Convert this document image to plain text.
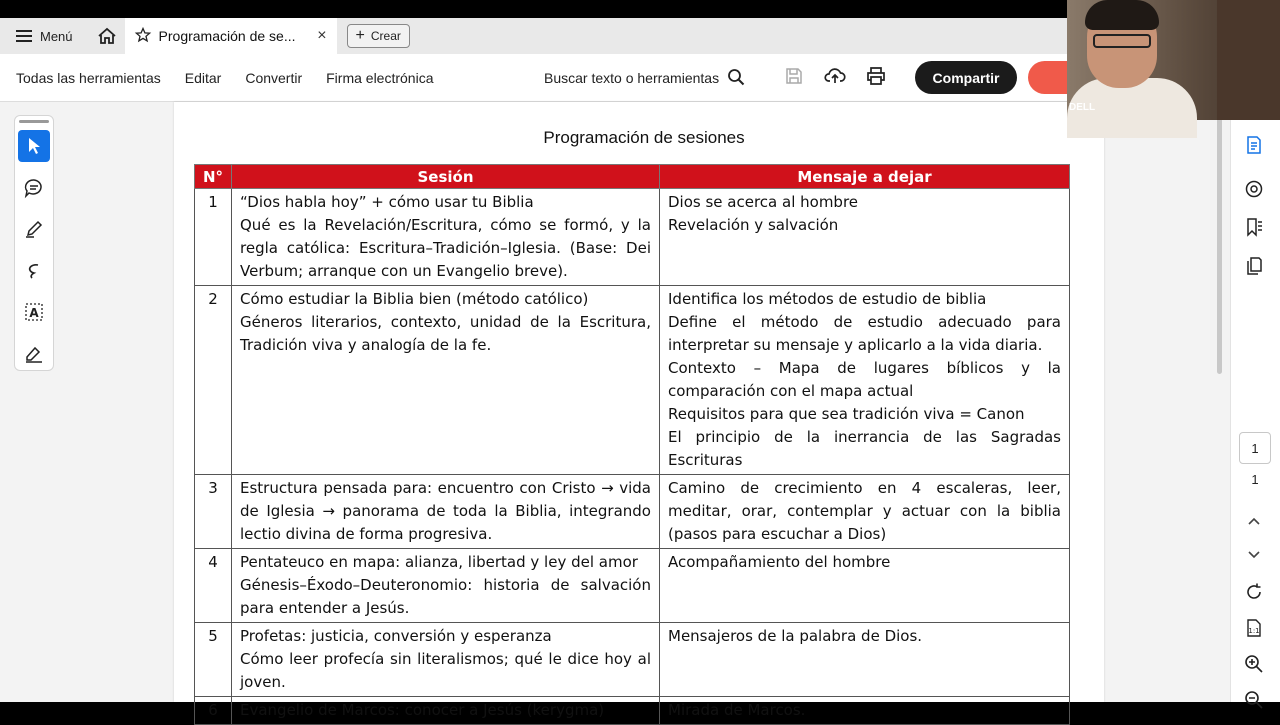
Menú	Programación de se...	× + Crear
Todas las herramientas Editar Convertir Firma electrónica	Buscar texto o herramientas	Compartir
A
Programación de sesiones
N°	Sesión	Mensaje a dejar
1	“Dios habla hoy” + cómo usar tu Biblia
Qué es la Revelación/Escritura, cómo se formó, y la regla católica: Escritura–Tradición–Iglesia. (Base: Dei Verbum; arranque con un Evangelio breve).	Dios se acerca al hombre
Revelación y salvación

2	Cómo estudiar la Biblia bien (método católico)
Géneros literarios, contexto, unidad de la Escritura, Tradición viva y analogía de la fe.	Identifica los métodos de estudio de biblia
Define el método de estudio adecuado para interpretar su mensaje y aplicarlo a la vida diaria.
Contexto – Mapa de lugares bíblicos y la comparación con el mapa actual
Requisitos para que sea tradición viva = Canon
El principio de la inerrancia de las Sagradas Escrituras

3	Estructura pensada para: encuentro con Cristo → vida de Iglesia → panorama de toda la Biblia, integrando lectio divina de forma progresiva.	Camino de crecimiento en 4 escaleras, leer, meditar, orar, contemplar y actuar con la biblia (pasos para escuchar a Dios)

4	Pentateuco en mapa: alianza, libertad y ley del amor
Génesis–Éxodo–Deuteronomio: historia de salvación para entender a Jesús.	Acompañamiento del hombre

5	Profetas: justicia, conversión y esperanza
Cómo leer profecía sin literalismos; qué le dice hoy al joven.	Mensajeros de la palabra de Dios.

6	Evangelio de Marcos: conocer a Jesús (kerygma)	Mirada de Marcos.
1
1
1:1
DELL
